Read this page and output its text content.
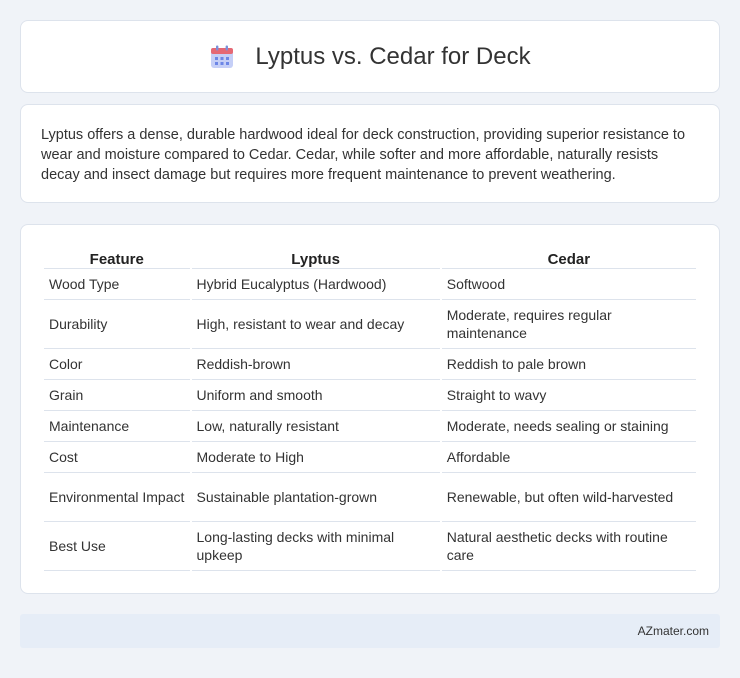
Lyptus vs. Cedar for Deck

Lyptus offers a dense, durable hardwood ideal for deck construction, providing superior resistance to wear and moisture compared to Cedar. Cedar, while softer and more affordable, naturally resists decay and insect damage but requires more frequent maintenance to prevent weathering.

Feature	Lyptus	Cedar
Wood Type	Hybrid Eucalyptus (Hardwood)	Softwood
Durability	High, resistant to wear and decay	Moderate, requires regular maintenance
Color	Reddish-brown	Reddish to pale brown
Grain	Uniform and smooth	Straight to wavy
Maintenance	Low, naturally resistant	Moderate, needs sealing or staining
Cost	Moderate to High	Affordable
Environmental Impact	Sustainable plantation-grown	Renewable, but often wild-harvested
Best Use	Long-lasting decks with minimal upkeep	Natural aesthetic decks with routine care
AZmater.com
